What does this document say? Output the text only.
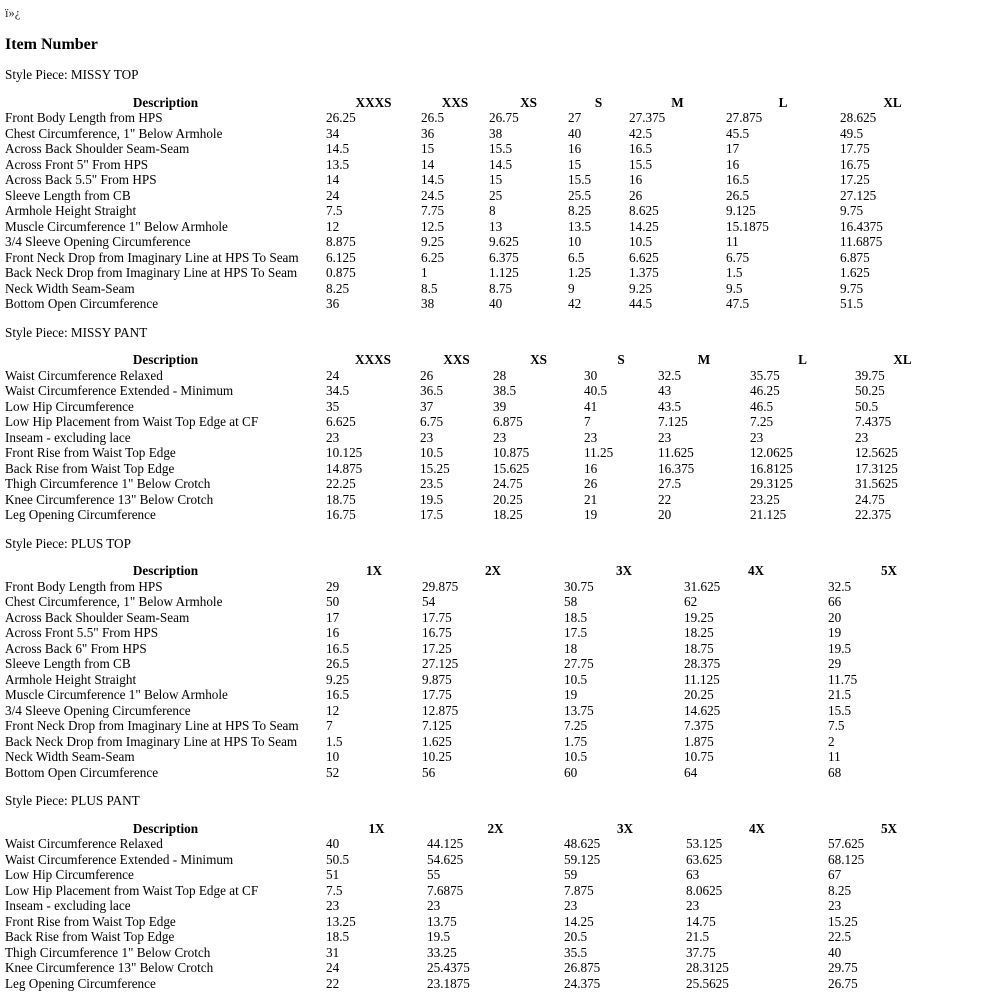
ï»¿

Item Number

Style Piece: MISSY TOP

Description	XXXS	XXS	XS	S	M	L	XL
Front Body Length from HPS	26.25	26.5	26.75	27	27.375	27.875	28.625
Chest Circumference, 1" Below Armhole	34	36	38	40	42.5	45.5	49.5
Across Back Shoulder Seam-Seam	14.5	15	15.5	16	16.5	17	17.75
Across Front 5" From HPS	13.5	14	14.5	15	15.5	16	16.75
Across Back 5.5" From HPS	14	14.5	15	15.5	16	16.5	17.25
Sleeve Length from CB	24	24.5	25	25.5	26	26.5	27.125
Armhole Height Straight	7.5	7.75	8	8.25	8.625	9.125	9.75
Muscle Circumference 1" Below Armhole	12	12.5	13	13.5	14.25	15.1875	16.4375
3/4 Sleeve Opening Circumference	8.875	9.25	9.625	10	10.5	11	11.6875
Front Neck Drop from Imaginary Line at HPS To Seam	6.125	6.25	6.375	6.5	6.625	6.75	6.875
Back Neck Drop from Imaginary Line at HPS To Seam	0.875	1	1.125	1.25	1.375	1.5	1.625
Neck Width Seam-Seam	8.25	8.5	8.75	9	9.25	9.5	9.75
Bottom Open Circumference	36	38	40	42	44.5	47.5	51.5

Style Piece: MISSY PANT

Description	XXXS	XXS	XS	S	M	L	XL
Waist Circumference Relaxed	24	26	28	30	32.5	35.75	39.75
Waist Circumference Extended - Minimum	34.5	36.5	38.5	40.5	43	46.25	50.25
Low Hip Circumference	35	37	39	41	43.5	46.5	50.5
Low Hip Placement from Waist Top Edge at CF	6.625	6.75	6.875	7	7.125	7.25	7.4375
Inseam - excluding lace	23	23	23	23	23	23	23
Front Rise from Waist Top Edge	10.125	10.5	10.875	11.25	11.625	12.0625	12.5625
Back Rise from Waist Top Edge	14.875	15.25	15.625	16	16.375	16.8125	17.3125
Thigh Circumference 1" Below Crotch	22.25	23.5	24.75	26	27.5	29.3125	31.5625
Knee Circumference 13" Below Crotch	18.75	19.5	20.25	21	22	23.25	24.75
Leg Opening Circumference	16.75	17.5	18.25	19	20	21.125	22.375

Style Piece: PLUS TOP

Description	1X	2X	3X	4X	5X
Front Body Length from HPS	29	29.875	30.75	31.625	32.5
Chest Circumference, 1" Below Armhole	50	54	58	62	66
Across Back Shoulder Seam-Seam	17	17.75	18.5	19.25	20
Across Front 5.5" From HPS	16	16.75	17.5	18.25	19
Across Back 6" From HPS	16.5	17.25	18	18.75	19.5
Sleeve Length from CB	26.5	27.125	27.75	28.375	29
Armhole Height Straight	9.25	9.875	10.5	11.125	11.75
Muscle Circumference 1" Below Armhole	16.5	17.75	19	20.25	21.5
3/4 Sleeve Opening Circumference	12	12.875	13.75	14.625	15.5
Front Neck Drop from Imaginary Line at HPS To Seam	7	7.125	7.25	7.375	7.5
Back Neck Drop from Imaginary Line at HPS To Seam	1.5	1.625	1.75	1.875	2
Neck Width Seam-Seam	10	10.25	10.5	10.75	11
Bottom Open Circumference	52	56	60	64	68

Style Piece: PLUS PANT

Description	1X	2X	3X	4X	5X
Waist Circumference Relaxed	40	44.125	48.625	53.125	57.625
Waist Circumference Extended - Minimum	50.5	54.625	59.125	63.625	68.125
Low Hip Circumference	51	55	59	63	67
Low Hip Placement from Waist Top Edge at CF	7.5	7.6875	7.875	8.0625	8.25
Inseam - excluding lace	23	23	23	23	23
Front Rise from Waist Top Edge	13.25	13.75	14.25	14.75	15.25
Back Rise from Waist Top Edge	18.5	19.5	20.5	21.5	22.5
Thigh Circumference 1" Below Crotch	31	33.25	35.5	37.75	40
Knee Circumference 13" Below Crotch	24	25.4375	26.875	28.3125	29.75
Leg Opening Circumference	22	23.1875	24.375	25.5625	26.75
